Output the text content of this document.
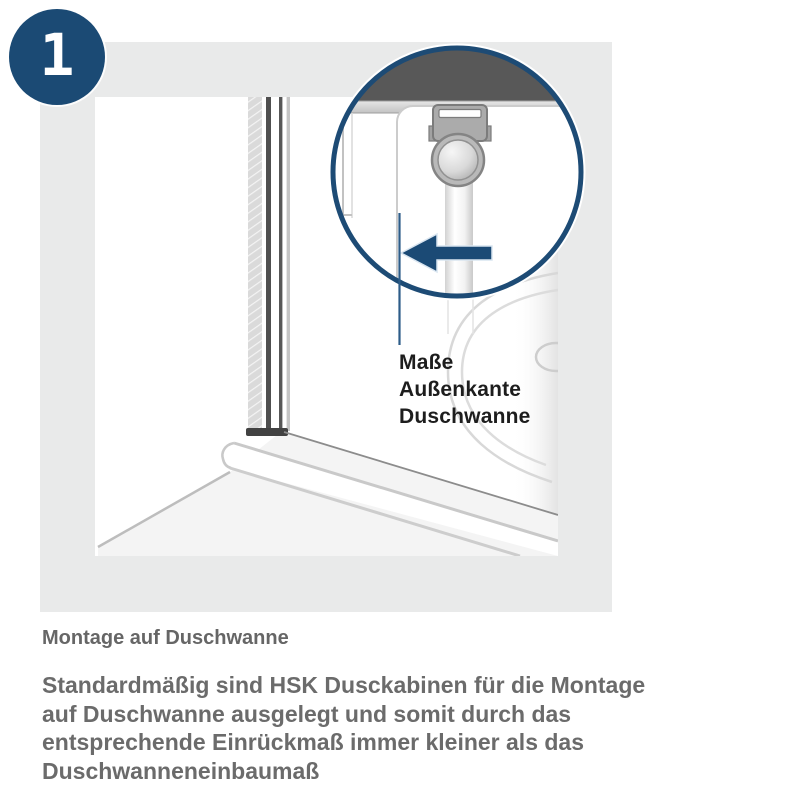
Maße
Außenkante
Duschwanne
1
Montage auf Duschwanne
Standardmäßig sind HSK Dusckabinen für die Montage
auf Duschwanne ausgelegt und somit durch das
entsprechende Einrückmaß immer kleiner als das
Duschwanneneinbaumaß
